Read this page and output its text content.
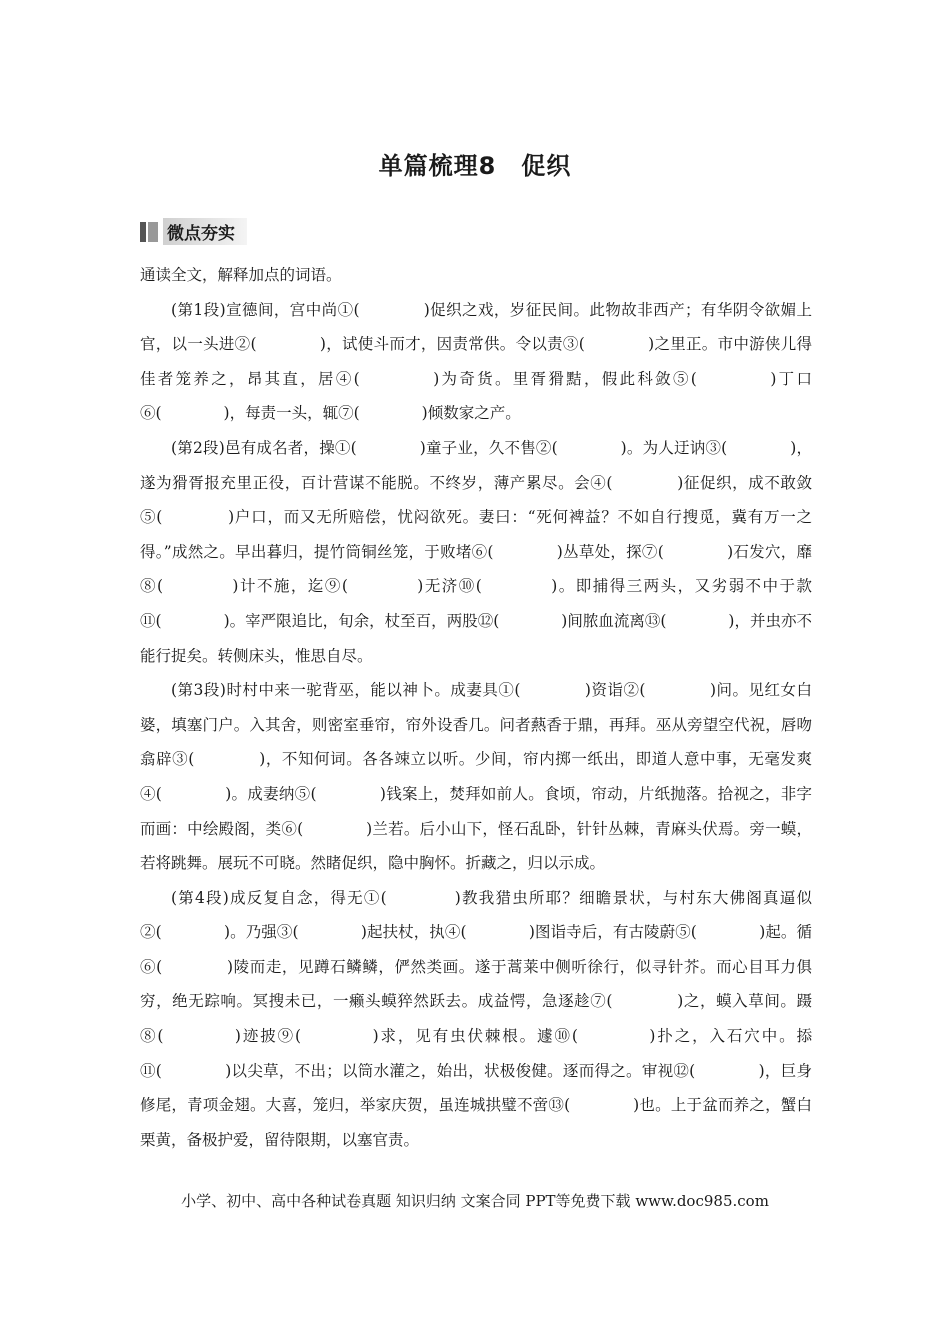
单篇梳理8　促织
微点夯实

通读全文，解释加点的词语。

(第1段)宣德间，宫中尚①(　　　　)促织之戏，岁征民间。此物故非西产；有华阴令欲媚上官，以一头进②(　　　　)，试使斗而才，因责常供。令以责③(　　　　)之里正。市中游侠儿得佳者笼养之，昂其直，居④(　　　　)为奇货。里胥猾黠，假此科敛⑤(　　　　)丁口⑥(　　　　)，每责一头，辄⑦(　　　　)倾数家之产。

(第2段)邑有成名者，操①(　　　　)童子业，久不售②(　　　　)。为人迂讷③(　　　　)，遂为猾胥报充里正役，百计营谋不能脱。不终岁，薄产累尽。会④(　　　　)征促织，成不敢敛⑤(　　　　)户口，而又无所赔偿，忧闷欲死。妻曰：“死何裨益？不如自行搜觅，冀有万一之得。”成然之。早出暮归，提竹筒铜丝笼，于败堵⑥(　　　　)丛草处，探⑦(　　　　)石发穴，靡⑧(　　　　)计不施，迄⑨(　　　　)无济⑩(　　　　)。即捕得三两头，又劣弱不中于款⑪(　　　　)。宰严限追比，旬余，杖至百，两股⑫(　　　　)间脓血流离⑬(　　　　)，并虫亦不能行捉矣。转侧床头，惟思自尽。

(第3段)时村中来一驼背巫，能以神卜。成妻具①(　　　　)资诣②(　　　　)问。见红女白婆，填塞门户。入其舍，则密室垂帘，帘外设香几。问者爇香于鼎，再拜。巫从旁望空代祝，唇吻翕辟③(　　　　)，不知何词。各各竦立以听。少间，帘内掷一纸出，即道人意中事，无毫发爽④(　　　　)。成妻纳⑤(　　　　)钱案上，焚拜如前人。食顷，帘动，片纸抛落。拾视之，非字而画：中绘殿阁，类⑥(　　　　)兰若。后小山下，怪石乱卧，针针丛棘，青麻头伏焉。旁一蟆，若将跳舞。展玩不可晓。然睹促织，隐中胸怀。折藏之，归以示成。

(第4段)成反复自念，得无①(　　　　)教我猎虫所耶？细瞻景状，与村东大佛阁真逼似②(　　　　)。乃强③(　　　　)起扶杖，执④(　　　　)图诣寺后，有古陵蔚⑤(　　　　)起。循⑥(　　　　)陵而走，见蹲石鳞鳞，俨然类画。遂于蒿莱中侧听徐行，似寻针芥。而心目耳力俱穷，绝无踪响。冥搜未已，一癞头蟆猝然跃去。成益愕，急逐趁⑦(　　　　)之，蟆入草间。蹑⑧(　　　　)迹披⑨(　　　　)求，见有虫伏棘根。遽⑩(　　　　)扑之，入石穴中。掭⑪(　　　　)以尖草，不出；以筒水灌之，始出，状极俊健。逐而得之。审视⑫(　　　　)，巨身修尾，青项金翅。大喜，笼归，举家庆贺，虽连城拱璧不啻⑬(　　　　)也。上于盆而养之，蟹白栗黄，备极护爱，留待限期，以塞官责。

小学、初中、高中各种试卷真题 知识归纳 文案合同 PPT等免费下载 www.doc985.com
